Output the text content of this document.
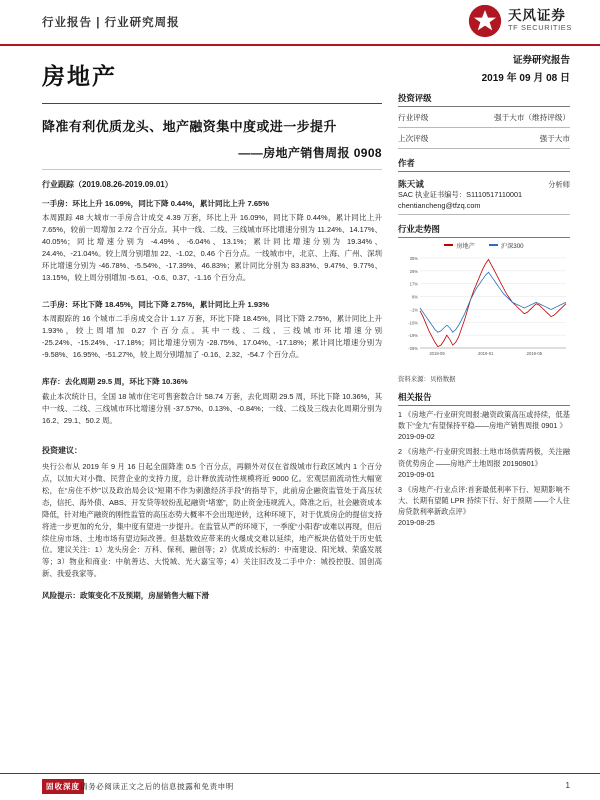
行业报告 | 行业研究周报	天风证券
TF SECURITIES
房地产
降准有利优质龙头、地产融资集中度或进一步提升
——房地产销售周报 0908
行业跟踪（2019.08.26-2019.09.01）
一手房：环比上升 16.09%，同比下降 0.44%，累计同比上升 7.65%

本周跟踪 48 大城市一手房合计成交 4.39 万套，环比上升 16.09%，同比下降 0.44%，累计同比上升 7.65%，较前一周增加 2.72 个百分点。其中一线、二线、三线城市环比增速分别为 11.24%、14.17%、40.05%；同比增速分别为 -4.49%、-6.04%、13.1%；累计同比增速分别为 19.34%、24.4%、-21.04%。较上周分别增加 22、-1.02、0.46 个百分点。一线城市中，北京、上海、广州、深圳环比增速分别为 -46.78%、-5.54%、-17.39%、46.83%；累计同比分别为 83.83%、9.47%、9.77%、13.15%，较上周分别增加 -5.61、-0.6、0.37、-1.16 个百分点。

二手房：环比下降 18.45%，同比下降 2.75%，累计同比上升 1.93%

本周跟踪的 16 个城市二手房成交合计 1.17 万套，环比下降 18.45%，同比下降 2.75%，累计同比上升 1.93%，较上周增加 0.27 个百分点。其中一线、二线、三线城市环比增速分别 -25.24%、-15.24%、-17.18%；同比增速分别为 -28.75%、17.04%、-17.18%；累计同比增速分别为 -9.58%、16.95%、-51.27%，较上周分别增加了 -0.16、2.32、-54.7 个百分点。

库存：去化周期 29.5 周，环比下降 10.36%

截止本次统计日，全国 18 城市住宅可售套数合计 58.74 万套，去化周期 29.5 周，环比下降 10.36%，其中一线、二线、三线城市环比增速分别 -37.57%、0.13%、-0.84%；一线、二线及三线去化周期分别为 16.2、29.1、50.2 周。

投资建议：

央行公布从 2019 年 9 月 16 日起全面降准 0.5 个百分点，再额外对仅在省级城市行政区域内 1 个百分点，以加大对小微、民营企业的支持力度，总计释放流动性规模将近 9000 亿。宏观层面流动性大幅宽松，在“房住不炒”以及政治局会议“短期不作为刺激经济手段”的指导下，此前房企融资监管处于高压状态，信托、海外债、ABS、开发贷等较纷乱起融资“堵塞”，防止资金违规流入，降准之后，社会融资成本降低，针对地产融资的刚性监管的高压态势大概率不会出现逆转，这种环境下，对于优质房企的提信支持将进一步更加的允分，集中度有望进一步提升。在监管从严的环境下，一季度“小阳春”或难以再现，但后续住房市场、土地市场有望边际改善。但基数效应带来的火爆成交难以延续，地产板块估值处于历史低位。建议关注：1）龙头房企：万科、保利、融创等；2）优质成长标的：中南建设、阳光城、荣盛发展等；3）物业和商业：中航善达、大悦城、光大嘉宝等；4）关注旧改及二手中介：城投控股、国创高新、我爱我家等。

风险提示：政策变化不及预期，房屋销售大幅下滑
证券研究报告
2019 年 09 月 08 日
投资评级
行业评级	强于大市（维持评级）
上次评级	强于大市
作者
陈天诚	分析师
SAC 执业证书编号：S1110517110001
chentiancheng@tfzq.com
行业走势图
房地产	沪深300
35%
26%
17%
8%
-1%
-10%
-19%
-28%
2018-09	2019-01	2019-05
资料来源：贝格数据
相关报告
1 《房地产-行业研究周报:融资政策高压或持续，低基数下“金九”有望保持平稳——房地产销售周报 0901 》
2019-09-02
2 《房地产-行业研究周报:土地市场供需两极，关注融资优势房企 ——房地产土地周报 20190901》
2019-09-01
3 《房地产-行业点评:首套最低利率下行、短期影响不大、长期有望随 LPR 持续下行、好于预期 ——个人住房贷款利率新政点评》
2019-08-25
固收深度 请务必阅读正文之后的信息披露和免责申明	1
